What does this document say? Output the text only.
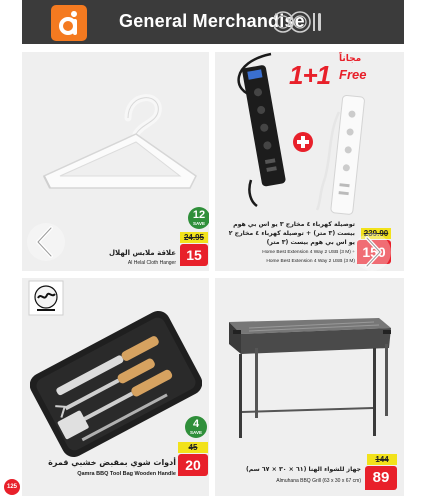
General Merchandise
12
SAVE
24.95
15
علاقة ملابس الهلال
Al Helal Cloth Hanger
1+1
مجاناً
Free
239.90
150
توصيلة كهرباء ٤ مخارج ٣ يو اس بي هوم بيست (٣ متر) + توصيلة كهرباء ٤ مخارج ٢ يو اس بي هوم بيست (٣ متر)
Home Best Extension 4 Way 2 USB (3 M) +
Home Best Extension 4 Way 2 USB (3 M)
4
SAVE
45
20
أدوات شوي بمقبض خشبي قمرة
Qamra BBQ Tool Bag Wooden Handle
144
89
جهاز للشواء الهنا (٦١ × ٣٠ × ٦٧ سم)
Almuhana BBQ Grill (63 x 30 x 67 cm)
125
